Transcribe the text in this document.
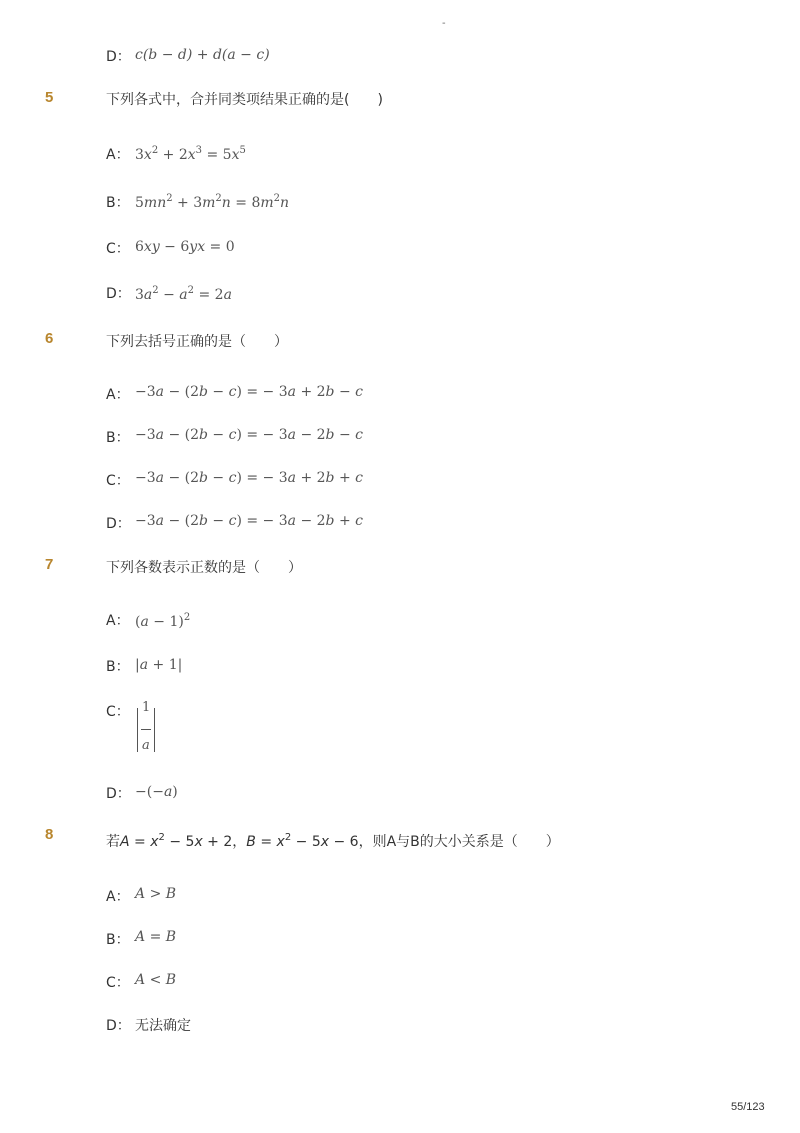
-
D： c(b − d) + d(a − c)
5	下列各式中，合并同类项结果正确的是(　　)
A： $3x^2 + 2x^3 = 5x^5$
B： $5mn^2 + 3m^2n = 8m^2n$
C： 6xy − 6yx = 0
D： $3a^2 - a^2 = 2a$
6	下列去括号正确的是（　　）
A： −3a − (2b − c) = − 3a + 2b − c
B： −3a − (2b − c) = − 3a − 2b − c
C： −3a − (2b − c) = − 3a + 2b + c
D： −3a − (2b − c) = − 3a − 2b + c
7	下列各数表示正数的是（　　）
A： $(a - 1)^2$
B： |a + 1|
C： 1
a
D： −(−a)
8	若$A = x^2 - 5x + 2$，$B = x^2 - 5x - 6$，则A与B的大小关系是（　　）
A： A > B
B： A = B
C： A < B
D： 无法确定
55/123
